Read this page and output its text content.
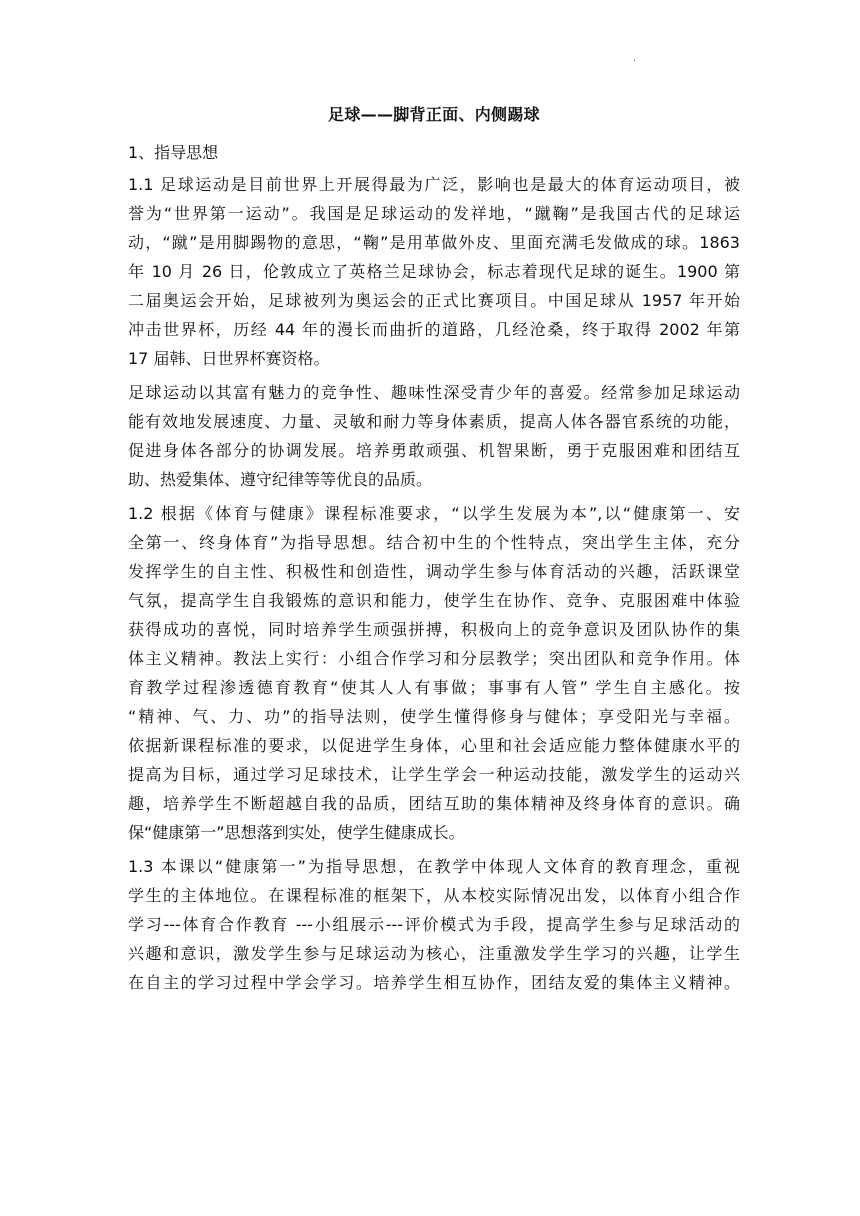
·
足球——脚背正面、内侧踢球
1、指导思想

1.1 足球运动是目前世界上开展得最为广泛，影响也是最大的体育运动项目，被

誉为“世界第一运动”。我国是足球运动的发祥地，“蹴鞠”是我国古代的足球运

动，“蹴”是用脚踢物的意思，“鞠”是用革做外皮、里面充满毛发做成的球。1863

年 10 月 26 日，伦敦成立了英格兰足球协会，标志着现代足球的诞生。1900 第

二届奥运会开始，足球被列为奥运会的正式比赛项目。中国足球从 1957 年开始

冲击世界杯，历经 44 年的漫长而曲折的道路，几经沧桑，终于取得 2002 年第

17 届韩、日世界杯赛资格。

足球运动以其富有魅力的竞争性、趣味性深受青少年的喜爱。经常参加足球运动

能有效地发展速度、力量、灵敏和耐力等身体素质，提高人体各器官系统的功能，

促进身体各部分的协调发展。培养勇敢顽强、机智果断，勇于克服困难和团结互

助、热爱集体、遵守纪律等等优良的品质。

1.2 根据《体育与健康》课程标准要求，“以学生发展为本”,以“健康第一、安

全第一、终身体育”为指导思想。结合初中生的个性特点，突出学生主体，充分

发挥学生的自主性、积极性和创造性，调动学生参与体育活动的兴趣，活跃课堂

气氛，提高学生自我锻炼的意识和能力，使学生在协作、竞争、克服困难中体验

获得成功的喜悦，同时培养学生顽强拼搏，积极向上的竞争意识及团队协作的集

体主义精神。教法上实行：小组合作学习和分层教学；突出团队和竞争作用。体

育教学过程渗透德育教育“使其人人有事做；事事有人管” 学生自主感化。按

“精神、气、力、功”的指导法则，使学生懂得修身与健体；享受阳光与幸福。

依据新课程标准的要求，以促进学生身体，心里和社会适应能力整体健康水平的

提高为目标，通过学习足球技术，让学生学会一种运动技能，激发学生的运动兴

趣，培养学生不断超越自我的品质，团结互助的集体精神及终身体育的意识。确

保“健康第一”思想落到实处，使学生健康成长。

1.3 本课以“健康第一”为指导思想，在教学中体现人文体育的教育理念，重视

学生的主体地位。在课程标准的框架下，从本校实际情况出发，以体育小组合作

学习---体育合作教育 ---小组展示---评价模式为手段，提高学生参与足球活动的

兴趣和意识，激发学生参与足球运动为核心，注重激发学生学习的兴趣，让学生

在自主的学习过程中学会学习。培养学生相互协作，团结友爱的集体主义精神。
